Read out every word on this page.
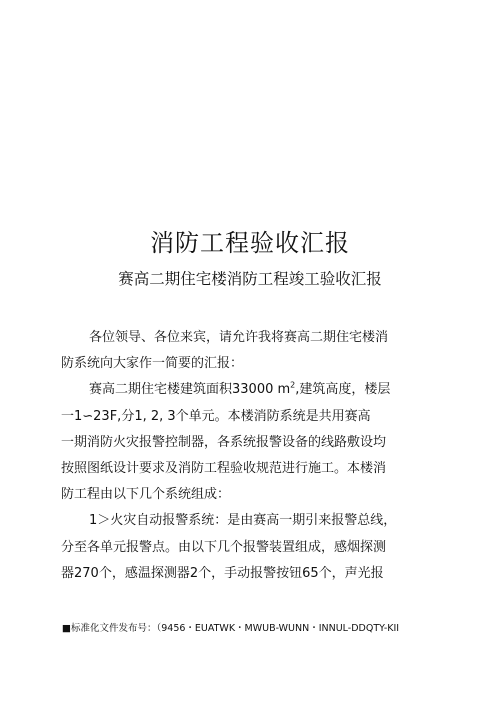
消防工程验收汇报
赛高二期住宅楼消防工程竣工验收汇报
各位领导、各位来宾，请允许我将赛高二期住宅楼消
防系统向大家作一简要的汇报：
赛高二期住宅楼建筑面积33000 $m^2$,建筑高度，楼层
一1∽23F,分1, 2, 3个单元。本楼消防系统是共用赛高
一期消防火灾报警控制器，各系统报警设备的线路敷设均
按照图纸设计要求及消防工程验收规范进行施工。本楼消
防工程由以下几个系统组成：
1＞火灾自动报警系统：是由赛高一期引来报警总线，
分至各单元报警点。由以下几个报警装置组成，感烟探测
器270个，感温探测器2个，手动报警按钮65个，声光报
■标准化文件发布号：（9456・EUATWK・MWUB-WUNN・INNUL-DDQTY-KII
